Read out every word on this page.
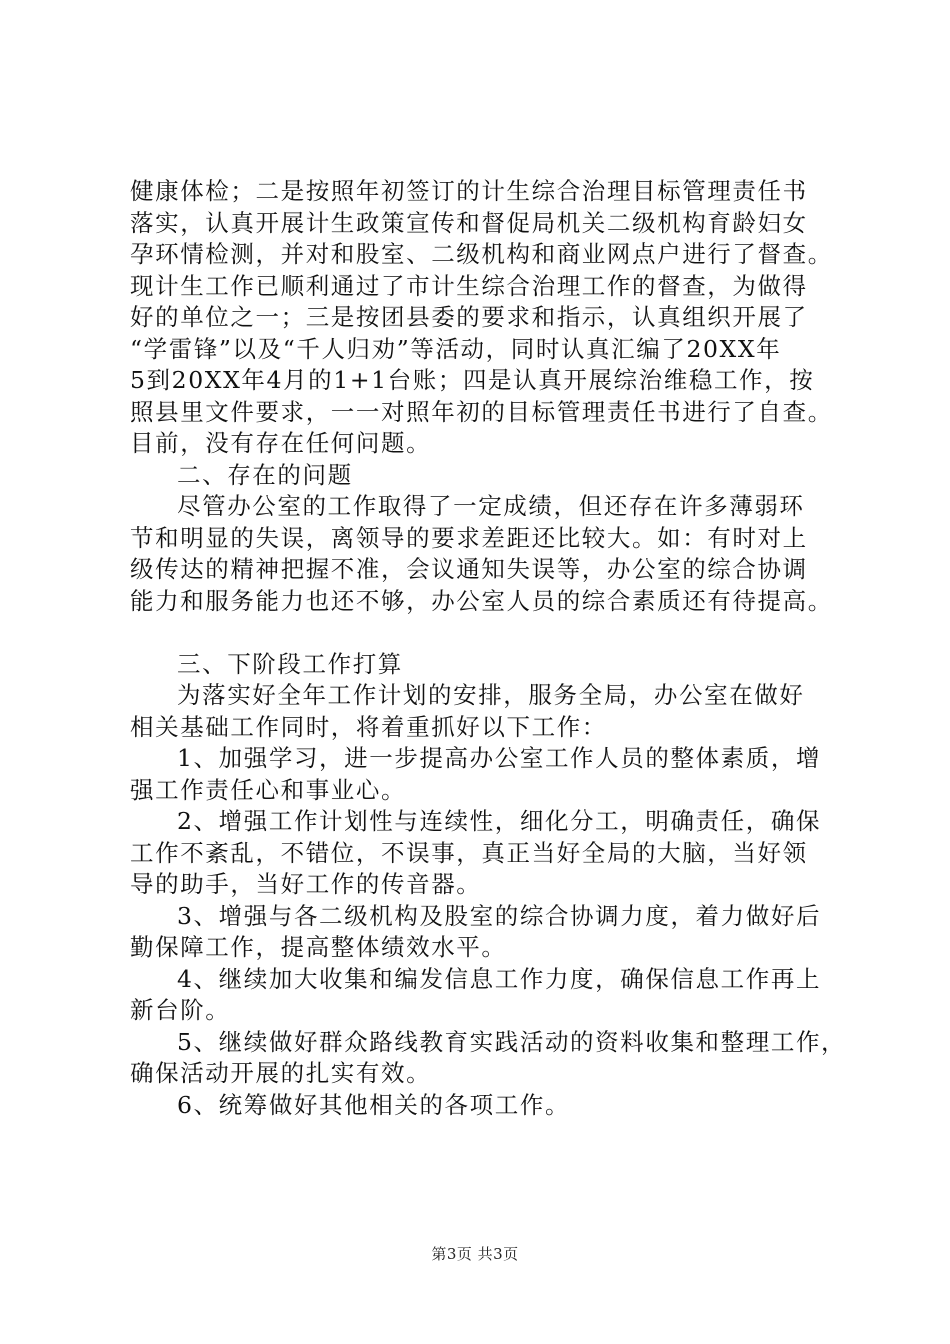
健康体检；二是按照年初签订的计生综合治理目标管理责任书
落实，认真开展计生政策宣传和督促局机关二级机构育龄妇女
孕环情检测，并对和股室、二级机构和商业网点户进行了督查。
现计生工作已顺利通过了市计生综合治理工作的督查，为做得
好的单位之一；三是按团县委的要求和指示，认真组织开展了
“学雷锋”以及“千人归劝”等活动，同时认真汇编了20XX年
5到20XX年4月的1+1台账；四是认真开展综治维稳工作，按
照县里文件要求，一一对照年初的目标管理责任书进行了自查。
目前，没有存在任何问题。
二、存在的问题
尽管办公室的工作取得了一定成绩，但还存在许多薄弱环
节和明显的失误，离领导的要求差距还比较大。如：有时对上
级传达的精神把握不准，会议通知失误等，办公室的综合协调
能力和服务能力也还不够，办公室人员的综合素质还有待提高。
三、下阶段工作打算
为落实好全年工作计划的安排，服务全局，办公室在做好
相关基础工作同时，将着重抓好以下工作：
1、加强学习，进一步提高办公室工作人员的整体素质，增
强工作责任心和事业心。
2、增强工作计划性与连续性，细化分工，明确责任，确保
工作不紊乱，不错位，不误事，真正当好全局的大脑，当好领
导的助手，当好工作的传音器。
3、增强与各二级机构及股室的综合协调力度，着力做好后
勤保障工作，提高整体绩效水平。
4、继续加大收集和编发信息工作力度，确保信息工作再上
新台阶。
5、继续做好群众路线教育实践活动的资料收集和整理工作，
确保活动开展的扎实有效。
6、统筹做好其他相关的各项工作。
第3页 共3页
